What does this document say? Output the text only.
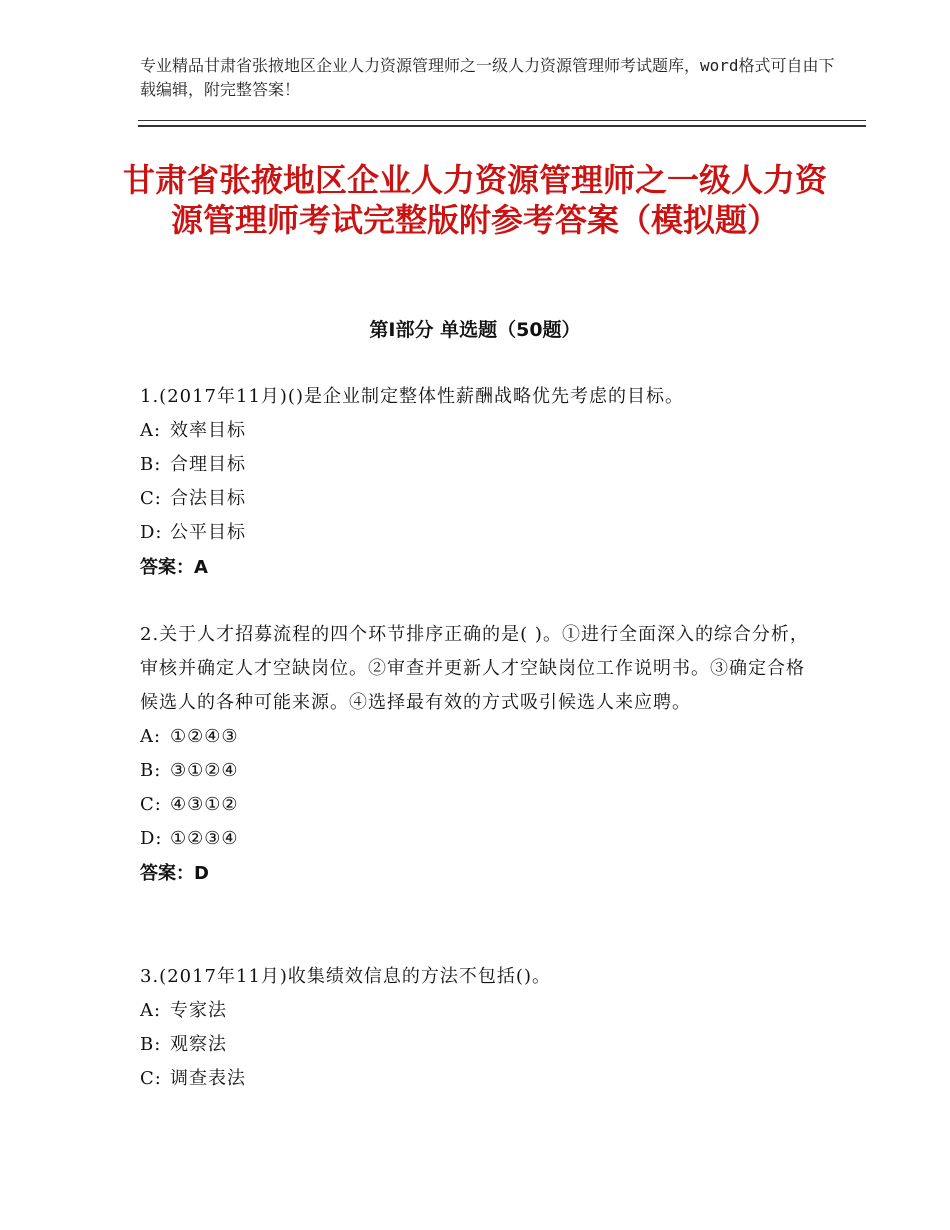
专业精品甘肃省张掖地区企业人力资源管理师之一级人力资源管理师考试题库，word格式可自由下载编辑，附完整答案！

甘肃省张掖地区企业人力资源管理师之一级人力资源管理师考试完整版附参考答案（模拟题）
第Ⅰ部分 单选题（50题）

1.(2017年11月)()是企业制定整体性薪酬战略优先考虑的目标。

A: 效率目标

B: 合理目标

C: 合法目标

D: 公平目标

答案：A

2.关于人才招募流程的四个环节排序正确的是( )。①进行全面深入的综合分析，审核并确定人才空缺岗位。②审查并更新人才空缺岗位工作说明书。③确定合格候选人的各种可能来源。④选择最有效的方式吸引候选人来应聘。

A: ①②④③

B: ③①②④

C: ④③①②

D: ①②③④

答案：D

3.(2017年11月)收集绩效信息的方法不包括()。

A: 专家法

B: 观察法

C: 调查表法
